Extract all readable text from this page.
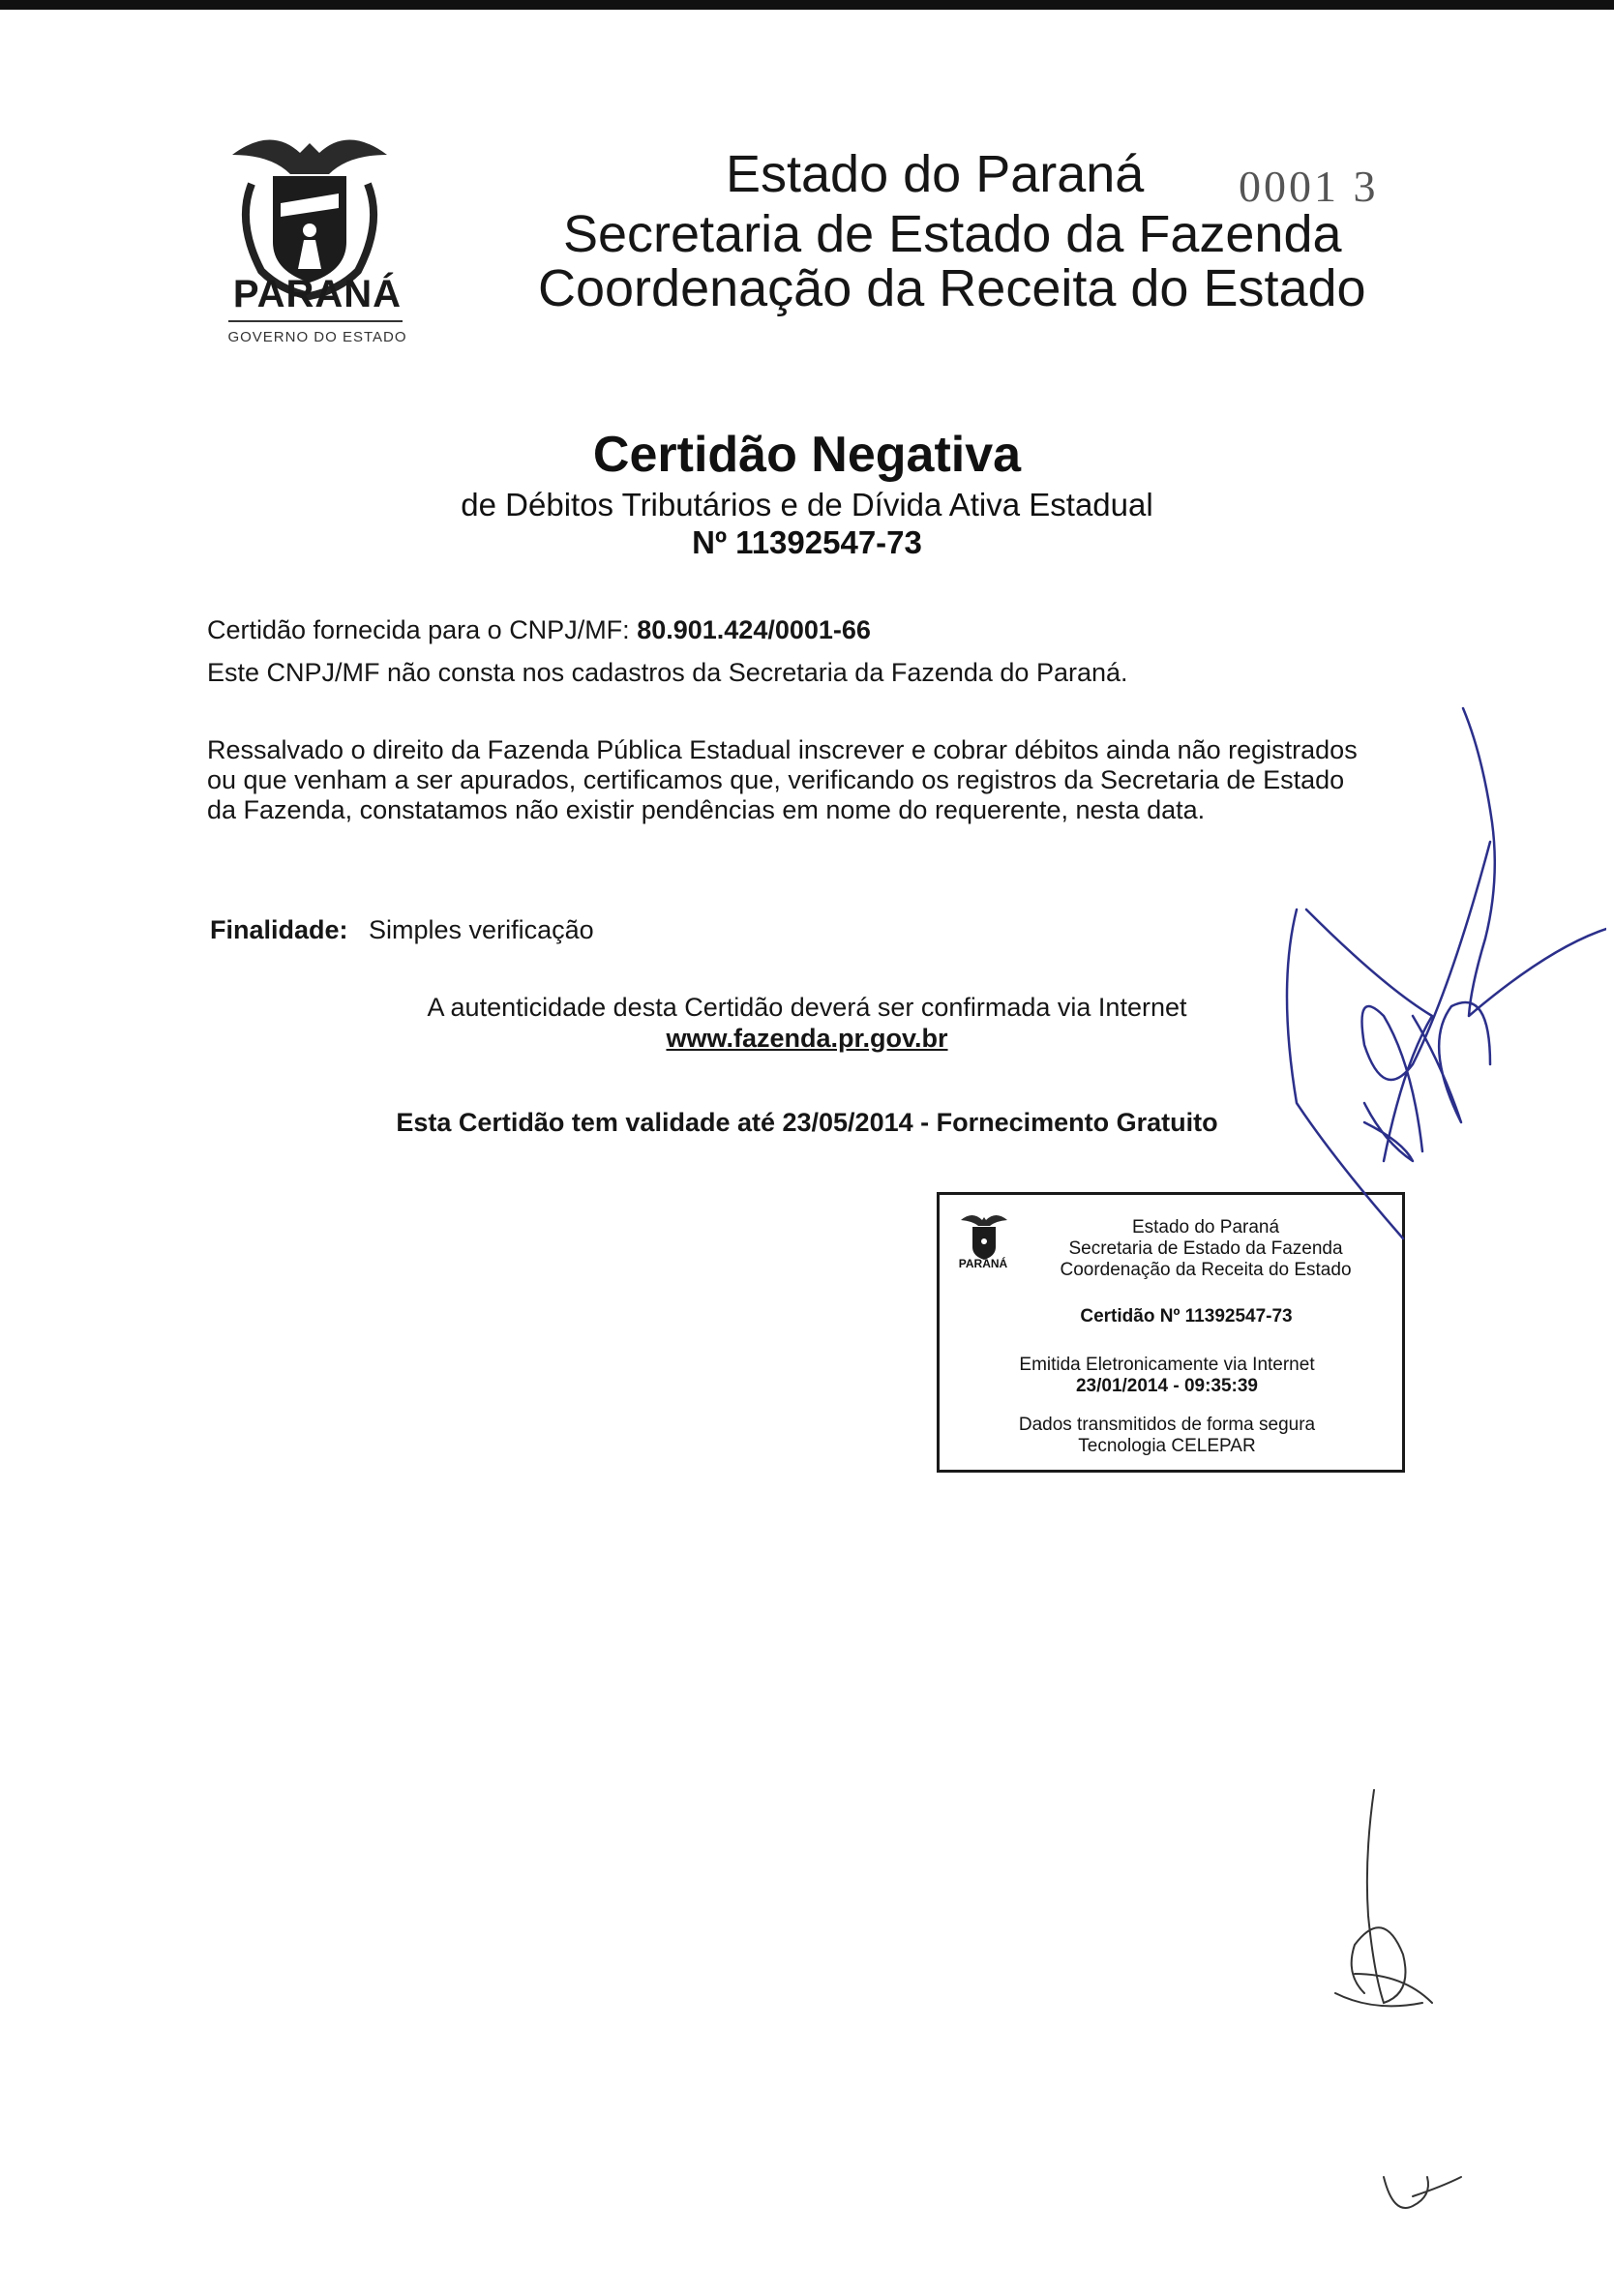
PARANÁ
GOVERNO DO ESTADO
Estado do Paraná
Secretaria de Estado da Fazenda
Coordenação da Receita do Estado
0001 3
Certidão Negativa
de Débitos Tributários e de Dívida Ativa Estadual
Nº 11392547-73
Certidão fornecida para o CNPJ/MF: 80.901.424/0001-66
Este CNPJ/MF não consta nos cadastros da Secretaria da Fazenda do Paraná.
Ressalvado o direito da Fazenda Pública Estadual inscrever e cobrar débitos ainda não registrados
ou que venham a ser apurados, certificamos que, verificando os registros da Secretaria de Estado
da Fazenda, constatamos não existir pendências em nome do requerente, nesta data.
Finalidade: Simples verificação
A autenticidade desta Certidão deverá ser confirmada via Internet
www.fazenda.pr.gov.br
Esta Certidão tem validade até 23/05/2014 - Fornecimento Gratuito
PARANÁ
Estado do Paraná
Secretaria de Estado da Fazenda
Coordenação da Receita do Estado
Certidão Nº 11392547-73
Emitida Eletronicamente via Internet
23/01/2014 - 09:35:39
Dados transmitidos de forma segura
Tecnologia CELEPAR
